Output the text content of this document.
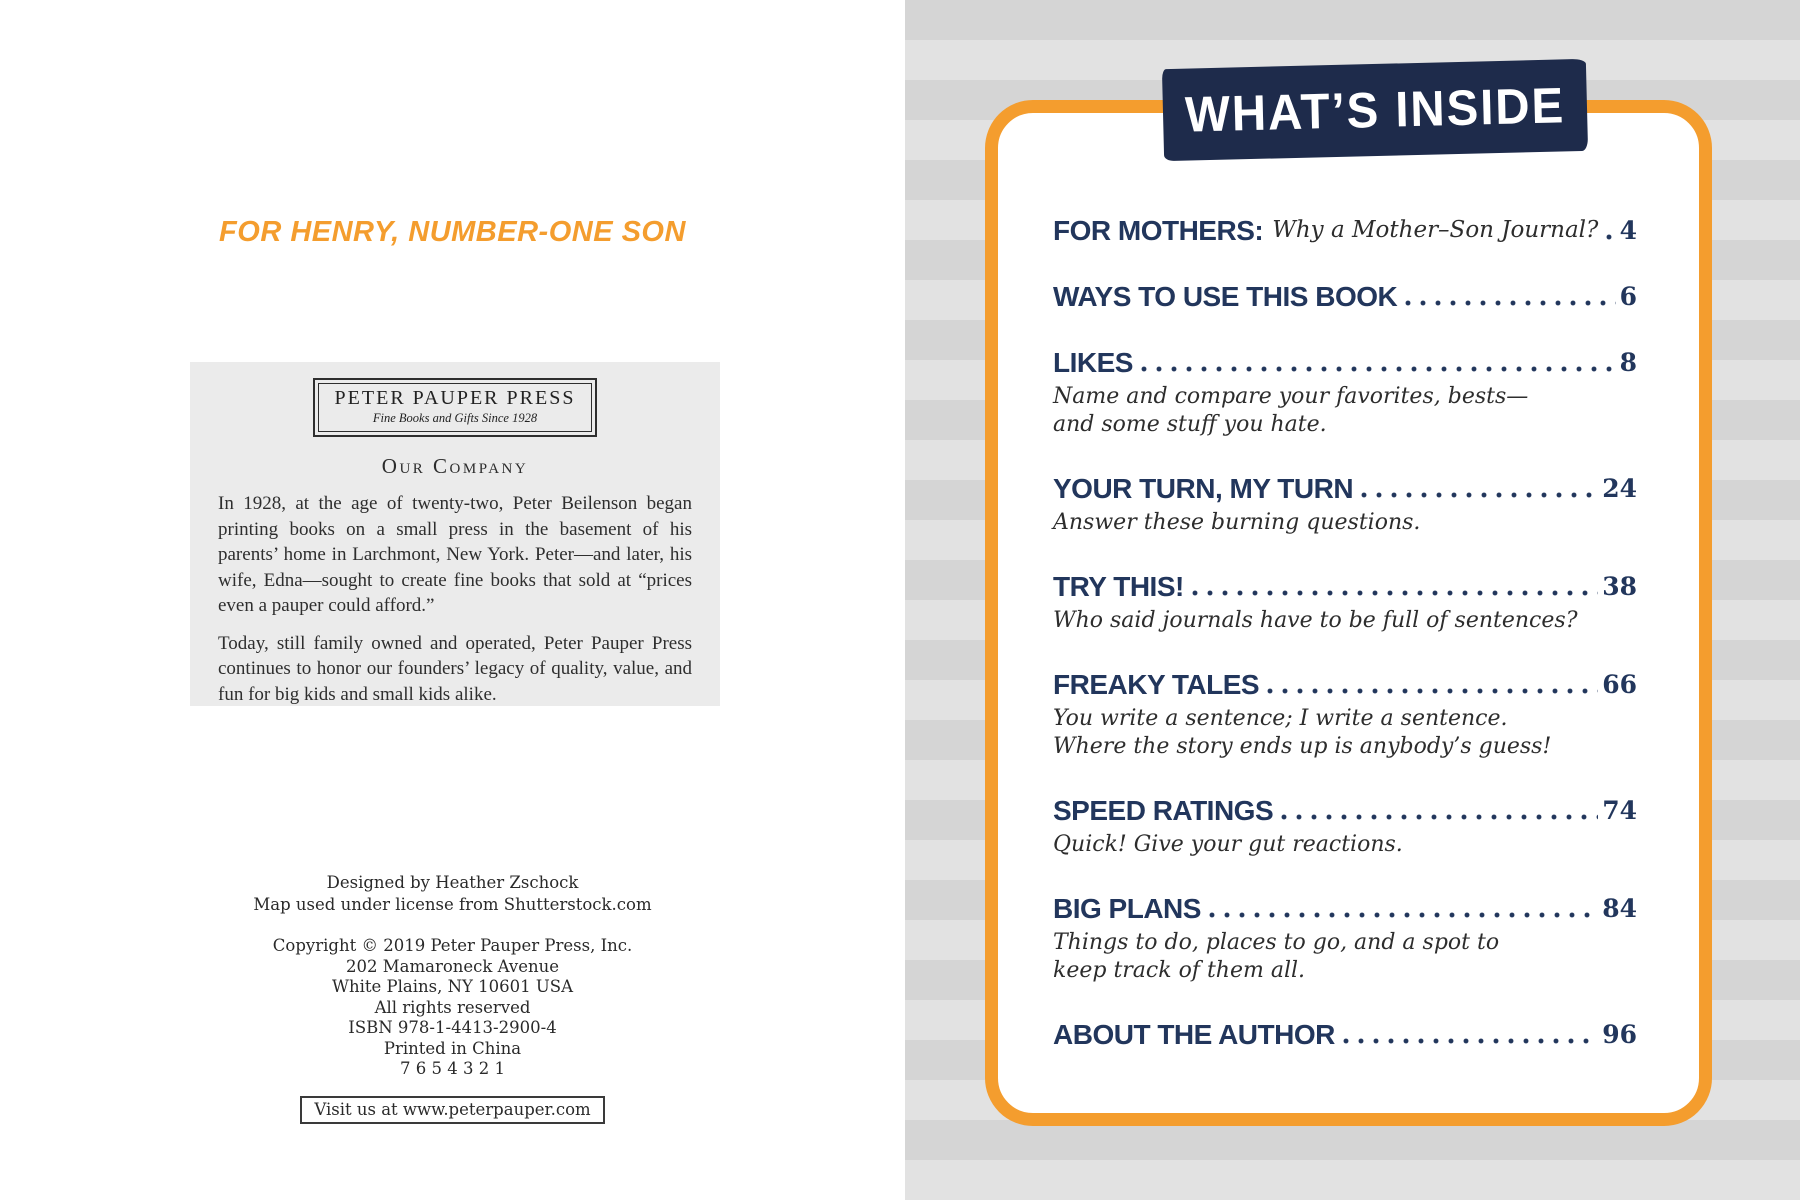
FOR HENRY, NUMBER-ONE SON
PETER PAUPER PRESS
Fine Books and Gifts Since 1928
Our Company

In 1928, at the age of twenty-two, Peter Beilenson began printing books on a small press in the basement of his parents’ home in Larchmont, New York. Peter—and later, his wife, Edna—sought to create fine books that sold at “prices even a pauper could afford.”

Today, still family owned and operated, Peter Pauper Press continues to honor our founders’ legacy of quality, value, and fun for big kids and small kids alike.

Designed by Heather Zschock
Map used under license from Shutterstock.com
Copyright © 2019 Peter Pauper Press, Inc.
202 Mamaroneck Avenue
White Plains, NY 10601 USA
All rights reserved
ISBN 978-1-4413-2900-4
Printed in China
7 6 5 4 3 2 1
Visit us at www.peterpauper.com
FOR MOTHERS: Why a Mother–Son Journal? 4
WAYS TO USE THIS BOOK	6
LIKES	8
Name and compare your favorites, bests—
and some stuff you hate.
YOUR TURN, MY TURN	24
Answer these burning questions.
TRY THIS!	38
Who said journals have to be full of sentences?
FREAKY TALES	66
You write a sentence; I write a sentence.
Where the story ends up is anybody’s guess!
SPEED RATINGS	74
Quick! Give your gut reactions.
BIG PLANS	84
Things to do, places to go, and a spot to
keep track of them all.
ABOUT THE AUTHOR	96
WHAT’S INSIDE
